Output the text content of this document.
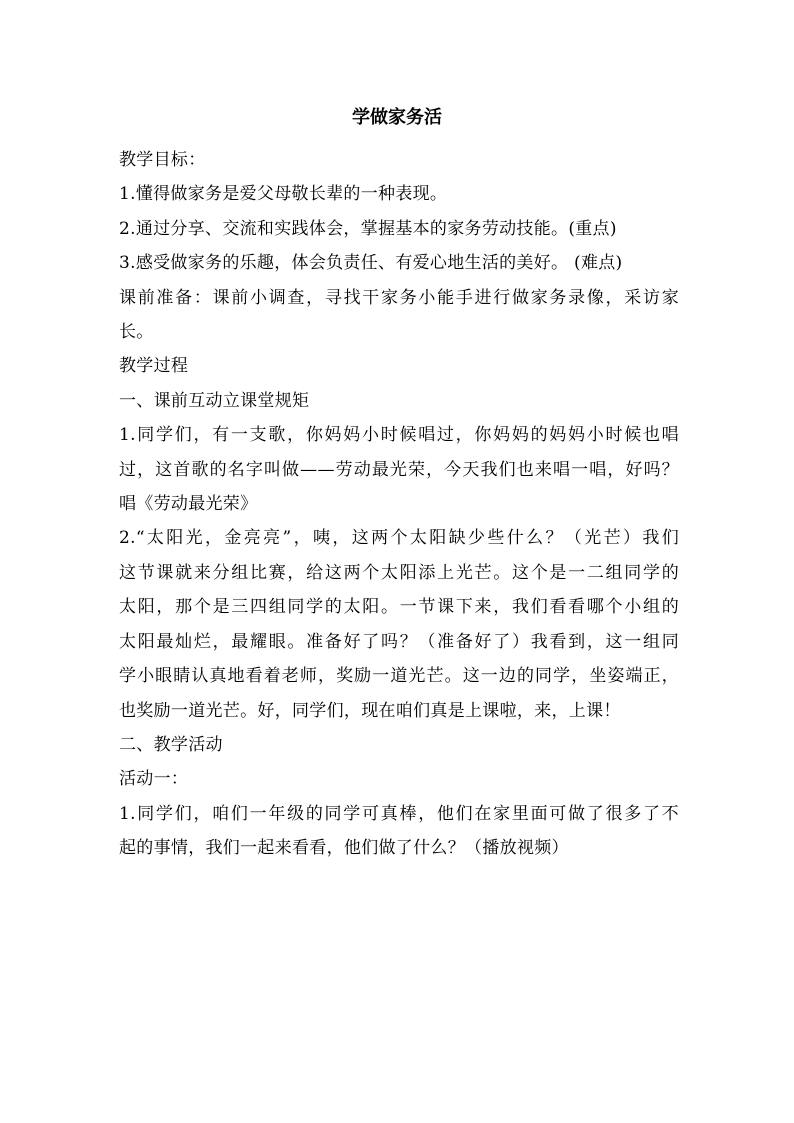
学做家务活

教学目标：

1.懂得做家务是爱父母敬长辈的一种表现。

2.通过分享、交流和实践体会，掌握基本的家务劳动技能。(重点)

3.感受做家务的乐趣，体会负责任、有爱心地生活的美好。 (难点)

课前准备：课前小调查，寻找干家务小能手进行做家务录像，采访家
长。

教学过程

一、课前互动立课堂规矩

1.同学们，有一支歌，你妈妈小时候唱过，你妈妈的妈妈小时候也唱
过，这首歌的名字叫做——劳动最光荣，今天我们也来唱一唱，好吗？
唱《劳动最光荣》

2.“太阳光，金亮亮”，咦，这两个太阳缺少些什么？（光芒）我们
这节课就来分组比赛，给这两个太阳添上光芒。这个是一二组同学的
太阳，那个是三四组同学的太阳。一节课下来，我们看看哪个小组的
太阳最灿烂，最耀眼。准备好了吗？（准备好了）我看到，这一组同
学小眼睛认真地看着老师，奖励一道光芒。这一边的同学，坐姿端正，
也奖励一道光芒。好，同学们，现在咱们真是上课啦，来，上课！

二、教学活动

活动一：

1.同学们，咱们一年级的同学可真棒，他们在家里面可做了很多了不
起的事情，我们一起来看看，他们做了什么？（播放视频）
